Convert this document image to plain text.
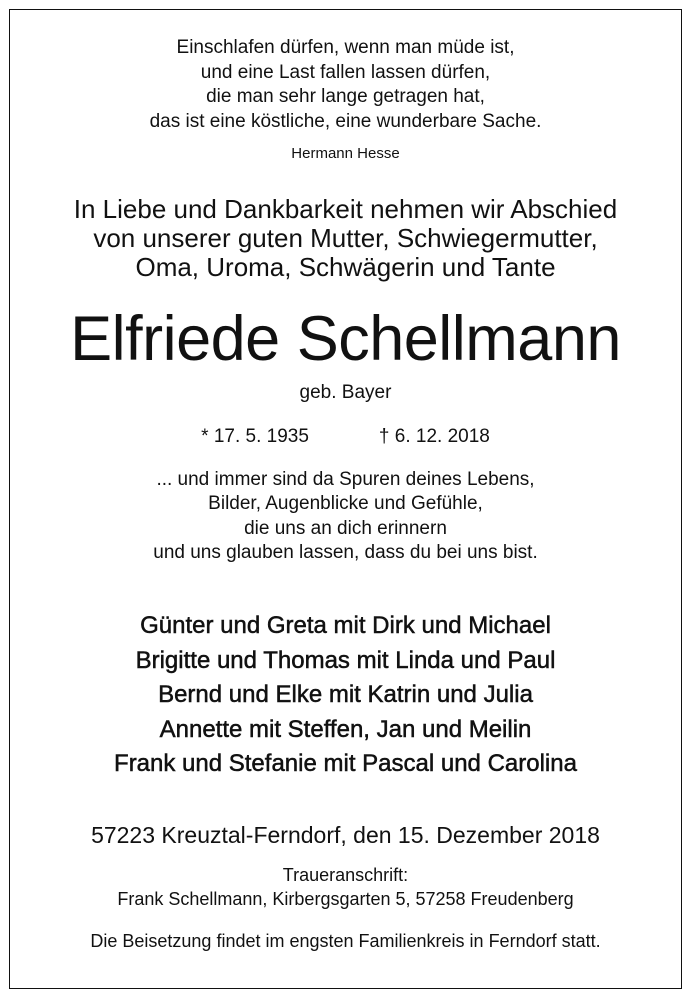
Einschlafen dürfen, wenn man müde ist,
und eine Last fallen lassen dürfen,
die man sehr lange getragen hat,
das ist eine köstliche, eine wunderbare Sache.
Hermann Hesse
In Liebe und Dankbarkeit nehmen wir Abschied
von unserer guten Mutter, Schwiegermutter,
Oma, Uroma, Schwägerin und Tante
Elfriede Schellmann
geb. Bayer
* 17. 5. 1935	† 6. 12. 2018
... und immer sind da Spuren deines Lebens,
Bilder, Augenblicke und Gefühle,
die uns an dich erinnern
und uns glauben lassen, dass du bei uns bist.
Günter und Greta mit Dirk und Michael
Brigitte und Thomas mit Linda und Paul
Bernd und Elke mit Katrin und Julia
Annette mit Steffen, Jan und Meilin
Frank und Stefanie mit Pascal und Carolina
57223 Kreuztal-Ferndorf, den 15. Dezember 2018
Traueranschrift:
Frank Schellmann, Kirbergsgarten 5, 57258 Freudenberg
Die Beisetzung findet im engsten Familienkreis in Ferndorf statt.
